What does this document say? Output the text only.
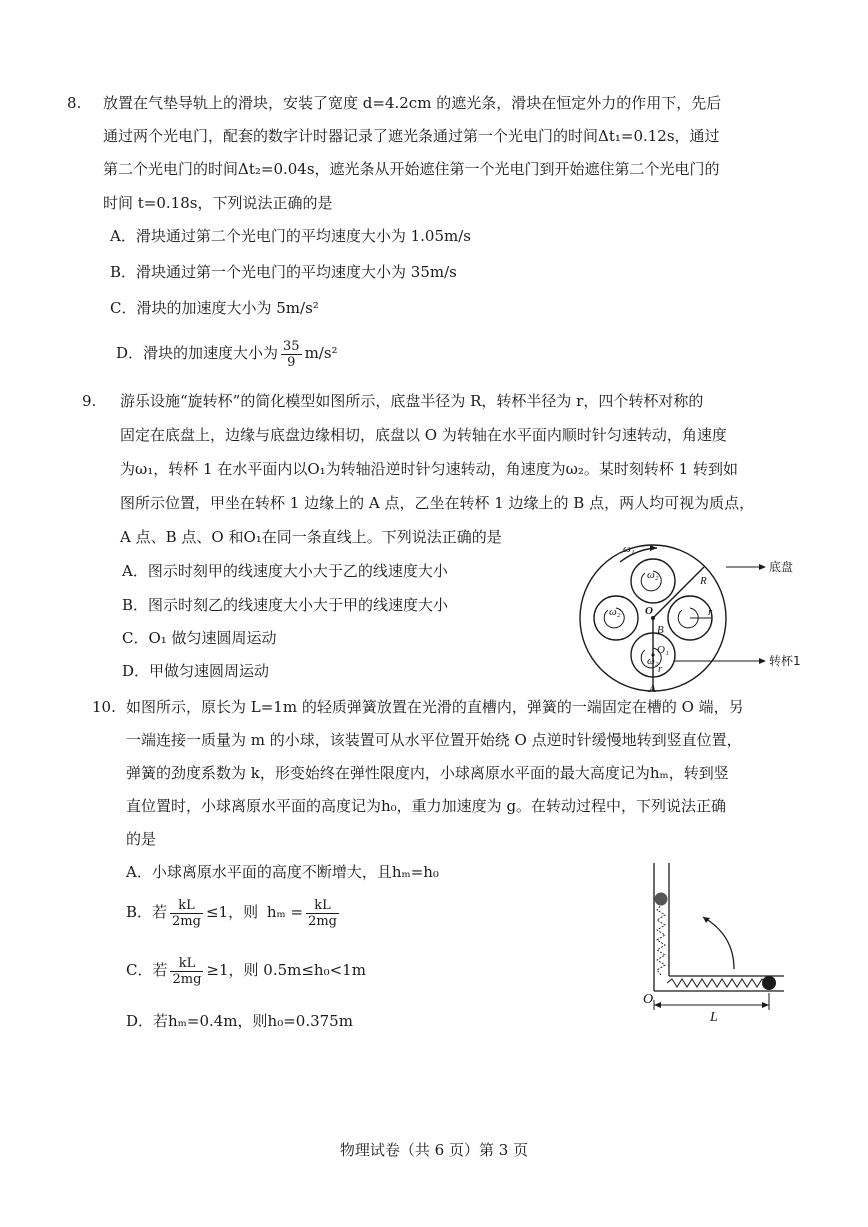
8. 放置在气垫导轨上的滑块，安装了宽度 d=4.2cm 的遮光条，滑块在恒定外力的作用下，先后
通过两个光电门，配套的数字计时器记录了遮光条通过第一个光电门的时间Δt₁=0.12s，通过
第二个光电门的时间Δt₂=0.04s，遮光条从开始遮住第一个光电门到开始遮住第二个光电门的
时间 t=0.18s，下列说法正确的是
A．滑块通过第二个光电门的平均速度大小为 1.05m/s
B．滑块通过第一个光电门的平均速度大小为 35m/s
C．滑块的加速度大小为 5m/s²
D．滑块的加速度大小为 $\frac{35}{9} m/s^2$
9. 游乐设施“旋转杯”的简化模型如图所示，底盘半径为 R，转杯半径为 r，四个转杯对称的
固定在底盘上，边缘与底盘边缘相切，底盘以 O 为转轴在水平面内顺时针匀速转动，角速度
为ω₁，转杯 1 在水平面内以O₁为转轴沿逆时针匀速转动，角速度为ω₂。某时刻转杯 1 转到如
图所示位置，甲坐在转杯 1 边缘上的 A 点，乙坐在转杯 1 边缘上的 B 点，两人均可视为质点，
A 点、B 点、O 和O₁在同一条直线上。下列说法正确的是
A．图示时刻甲的线速度大小大于乙的线速度大小
B．图示时刻乙的线速度大小大于甲的线速度大小
C．O₁ 做匀速圆周运动
D．甲做匀速圆周运动
ω₁
ω₂
ω₂
ω₂
R
r
r
O
B
O₁
A
底盘
转杯1
10. 如图所示，原长为 L=1m 的轻质弹簧放置在光滑的直槽内，弹簧的一端固定在槽的 O 端，另
一端连接一质量为 m 的小球，该装置可从水平位置开始绕 O 点逆时针缓慢地转到竖直位置，
弹簧的劲度系数为 k，形变始终在弹性限度内，小球离原水平面的最大高度记为hₘ，转到竖
直位置时，小球离原水平面的高度记为h₀，重力加速度为 g。在转动过程中，下列说法正确
的是
A．小球离原水平面的高度不断增大，且hₘ=h₀
B．若 $\frac{kL}{2mg} \le 1$，则 $h_m = \frac{kL}{2mg}$
C．若 $\frac{kL}{2mg} \ge 1$，则 0.5m≤h₀<1m
D．若hₘ=0.4m，则h₀=0.375m
O
L
物理试卷（共 6 页）第 3 页
